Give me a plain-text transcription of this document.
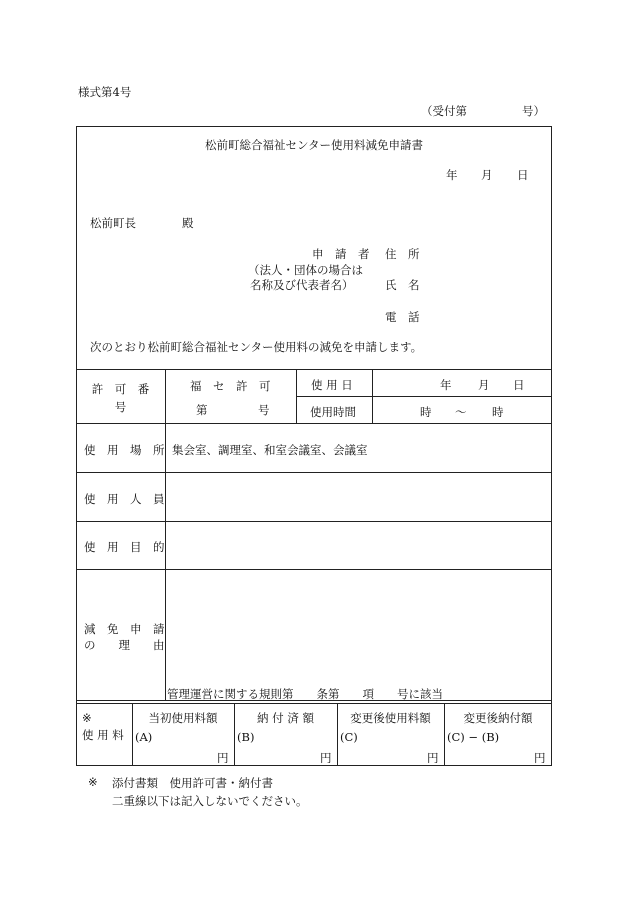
様式第4号
（受付第	号）
松前町総合福祉センター使用料減免申請書
年 月 日
松前町長	殿
申　請　者 住　所
（法人・団体の場合は
名称及び代表者名）	氏　名
電　話
次のとおり松前町総合福祉センター使用料の減免を申請します。
許　可　番
号
福　セ　許　可
第	号
使 用 日	年 月 日
使用時間	時 〜 時
使　用　場　所 集会室、調理室、和室会議室、会議室
使　用　人　員
使　用　目　的
減　免　申　請
の　　理　　由
管理運営に関する規則第　　条第　　項　　号に該当
※
使 用 料
当初使用料額
(A)
円
納 付 済 額
(B)
円
変更後使用料額
(C)
円
変更後納付額
(C) − (B)
円
※ 添付書類　使用許可書・納付書
二重線以下は記入しないでください。
